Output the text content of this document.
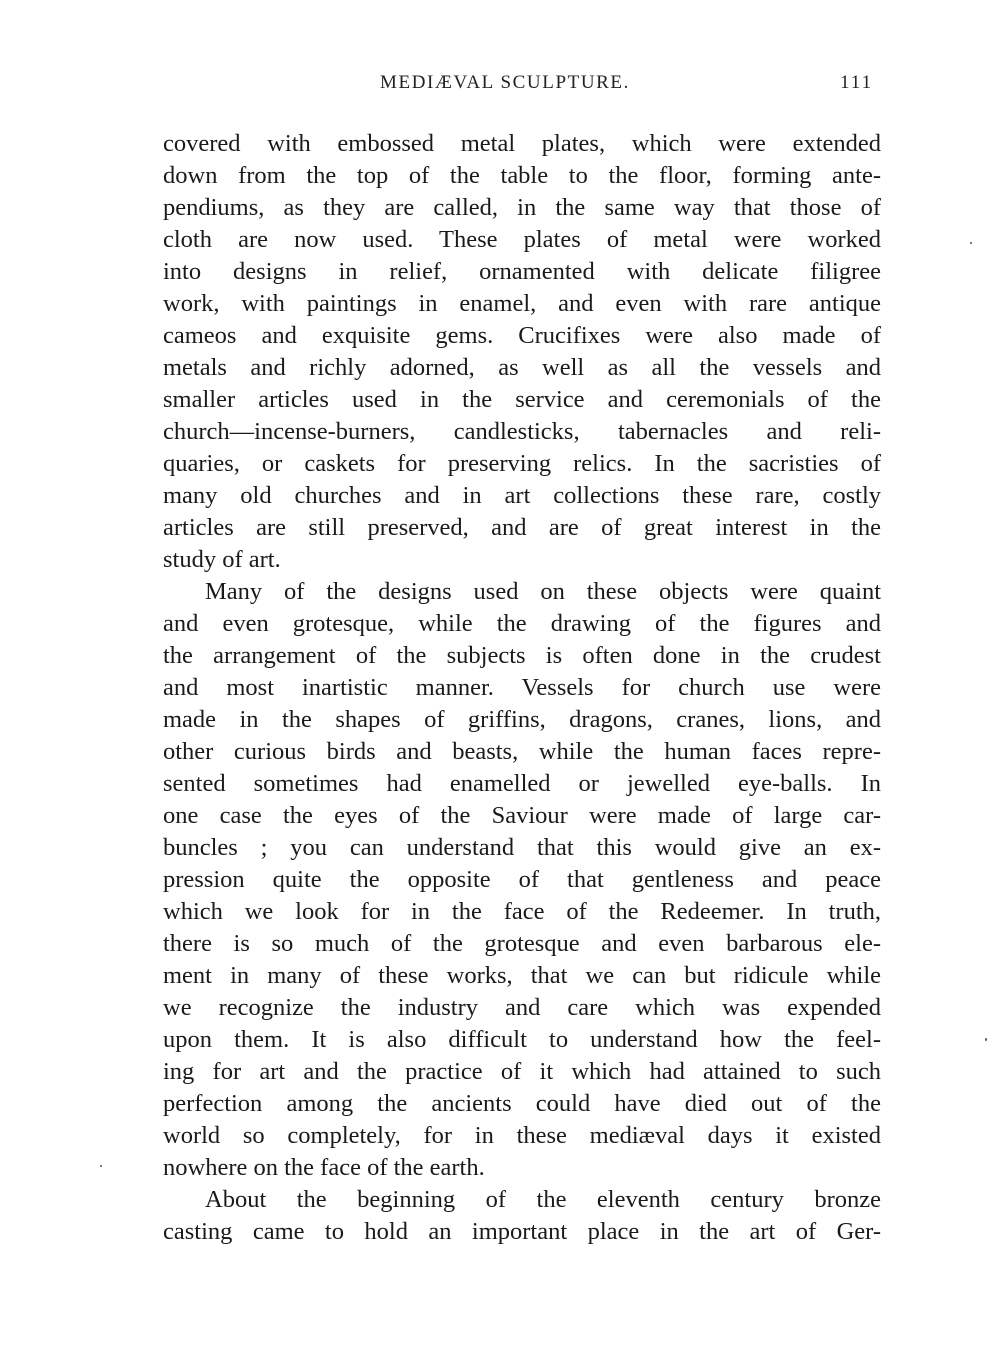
MEDIÆVAL SCULPTURE.	111
covered with embossed metal plates, which were extended
down from the top of the table to the floor, forming ante-
pendiums, as they are called, in the same way that those of
cloth are now used. These plates of metal were worked
into designs in relief, ornamented with delicate filigree
work, with paintings in enamel, and even with rare antique
cameos and exquisite gems. Crucifixes were also made of
metals and richly adorned, as well as all the vessels and
smaller articles used in the service and ceremonials of the
church—incense-burners, candlesticks, tabernacles and reli-
quaries, or caskets for preserving relics. In the sacristies of
many old churches and in art collections these rare, costly
articles are still preserved, and are of great interest in the
study of art.
Many of the designs used on these objects were quaint
and even grotesque, while the drawing of the figures and
the arrangement of the subjects is often done in the crudest
and most inartistic manner. Vessels for church use were
made in the shapes of griffins, dragons, cranes, lions, and
other curious birds and beasts, while the human faces repre-
sented sometimes had enamelled or jewelled eye-balls. In
one case the eyes of the Saviour were made of large car-
buncles ; you can understand that this would give an ex-
pression quite the opposite of that gentleness and peace
which we look for in the face of the Redeemer. In truth,
there is so much of the grotesque and even barbarous ele-
ment in many of these works, that we can but ridicule while
we recognize the industry and care which was expended
upon them. It is also difficult to understand how the feel-
ing for art and the practice of it which had attained to such
perfection among the ancients could have died out of the
world so completely, for in these mediæval days it existed
nowhere on the face of the earth.
About the beginning of the eleventh century bronze
casting came to hold an important place in the art of Ger-
